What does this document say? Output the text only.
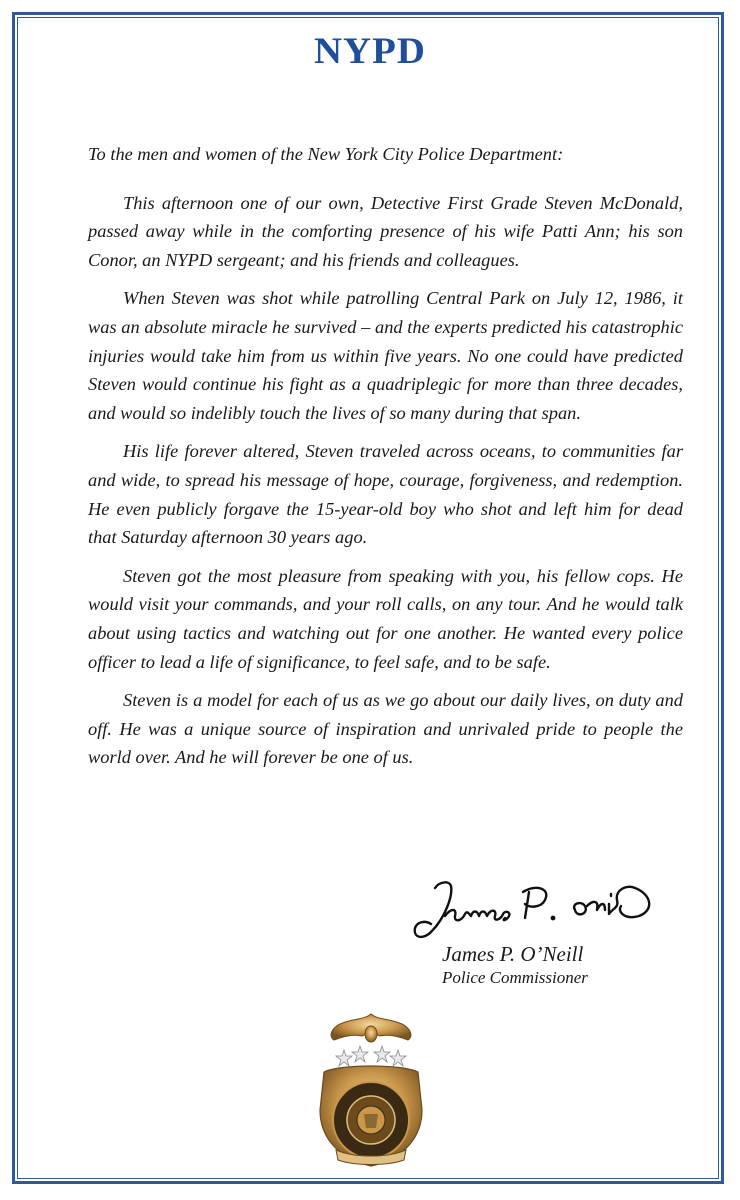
NYPD

To the men and women of the New York City Police Department:

This afternoon one of our own, Detective First Grade Steven McDonald, passed away while in the comforting presence of his wife Patti Ann; his son Conor, an NYPD sergeant; and his friends and colleagues.

When Steven was shot while patrolling Central Park on July 12, 1986, it was an absolute miracle he survived – and the experts predicted his catastrophic injuries would take him from us within five years. No one could have predicted Steven would continue his fight as a quadriplegic for more than three decades, and would so indelibly touch the lives of so many during that span.

His life forever altered, Steven traveled across oceans, to communities far and wide, to spread his message of hope, courage, forgiveness, and redemption. He even publicly forgave the 15-year-old boy who shot and left him for dead that Saturday afternoon 30 years ago.

Steven got the most pleasure from speaking with you, his fellow cops. He would visit your commands, and your roll calls, on any tour. And he would talk about using tactics and watching out for one another. He wanted every police officer to lead a life of significance, to feel safe, and to be safe.

Steven is a model for each of us as we go about our daily lives, on duty and off. He was a unique source of inspiration and unrivaled pride to people the world over. And he will forever be one of us.

James P. O’Neill
Police Commissioner
